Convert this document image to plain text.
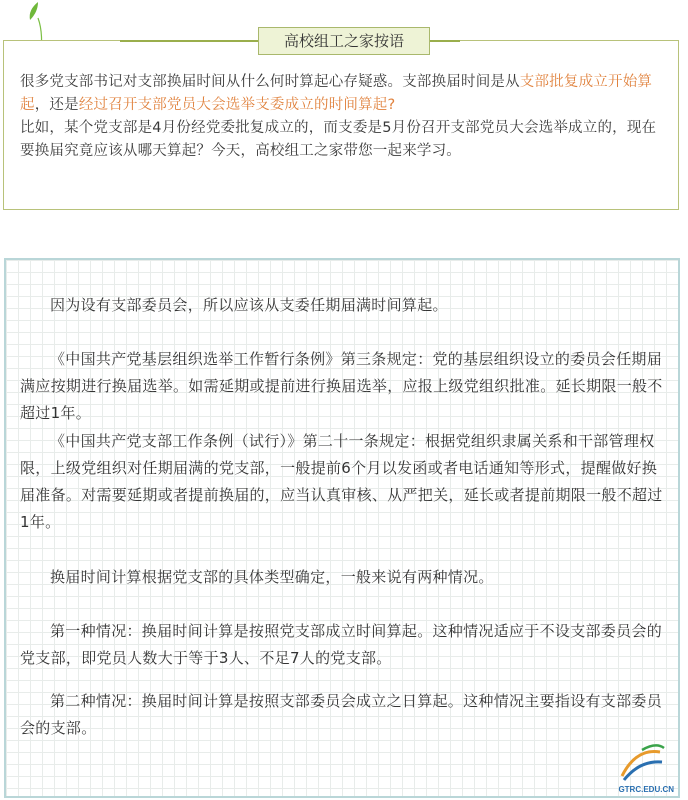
很多党支部书记对支部换届时间从什么何时算起心存疑惑。支部换届时间是从支部批复成立开始算起，还是经过召开支部党员大会选举支委成立的时间算起?
比如，某个党支部是4月份经党委批复成立的，而支委是5月份召开支部党员大会选举成立的，现在要换届究竟应该从哪天算起？今天，高校组工之家带您一起来学习。
高校组工之家按语
因为设有支部委员会，所以应该从支委任期届满时间算起。
《中国共产党基层组织选举工作暂行条例》第三条规定：党的基层组织设立的委员会任期届满应按期进行换届选举。如需延期或提前进行换届选举，应报上级党组织批准。延长期限一般不超过1年。
《中国共产党支部工作条例（试行）》第二十一条规定：根据党组织隶属关系和干部管理权限，上级党组织对任期届满的党支部，一般提前6个月以发函或者电话通知等形式，提醒做好换届准备。对需要延期或者提前换届的，应当认真审核、从严把关，延长或者提前期限一般不超过1年。
换届时间计算根据党支部的具体类型确定，一般来说有两种情况。
第一种情况：换届时间计算是按照党支部成立时间算起。这种情况适应于不设支部委员会的党支部，即党员人数大于等于3人、不足7人的党支部。
第二种情况：换届时间计算是按照支部委员会成立之日算起。这种情况主要指设有支部委员会的支部。
GTRC.EDU.CN
